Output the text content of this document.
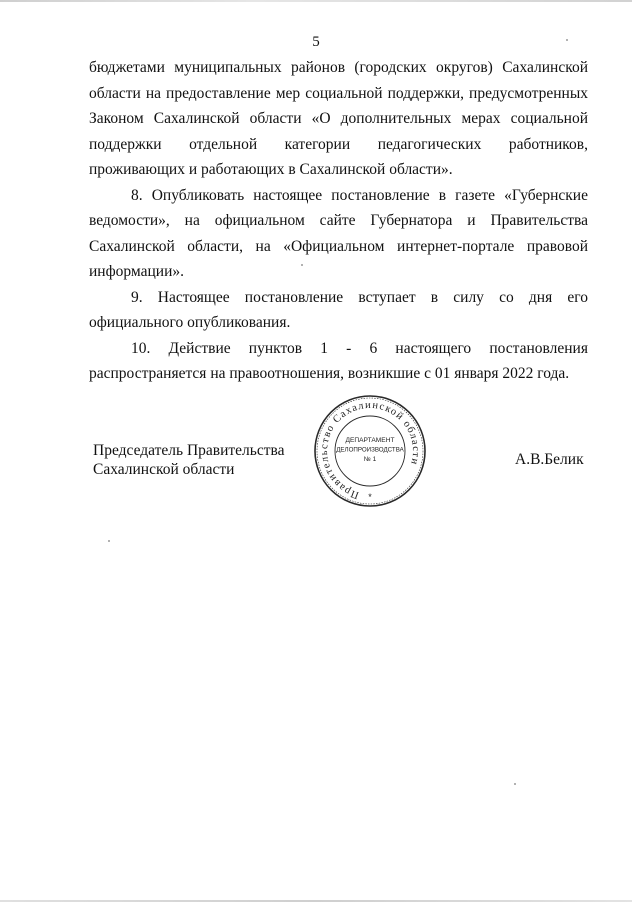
5

бюджетами муниципальных районов (городских округов) Сахалинской области на предоставление мер социальной поддержки, предусмотренных Законом Сахалинской области «О дополнительных мерах социальной поддержки отдельной категории педагогических работников, проживающих и работающих в Сахалинской области».

8. Опубликовать настоящее постановление в газете «Губернские ведомости», на официальном сайте Губернатора и Правительства Сахалинской области, на «Официальном интернет-портале правовой информации».

9. Настоящее постановление вступает в силу со дня его официального опубликования.

10. Действие пунктов 1 - 6 настоящего постановления распространяется на правоотношения, возникшие с 01 января 2022 года.

Председатель Правительства
Сахалинской области
Правительство Сахалинской области
ДЕПАРТАМЕНТ
ДЕЛОПРОИЗВОДСТВА
№ 1
*
А.В.Белик
